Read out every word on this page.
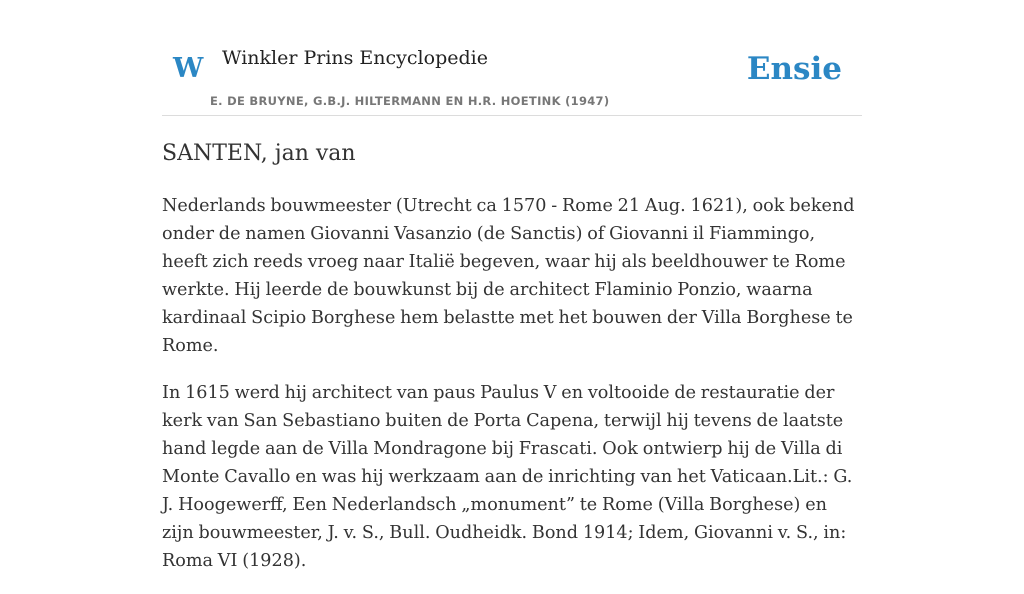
W Winkler Prins Encyclopedie
E. DE BRUYNE, G.B.J. HILTERMANN EN H.R. HOETINK (1947)
Ensie
SANTEN, jan van

Nederlands bouwmeester (Utrecht ca 1570 - Rome 21 Aug. 1621), ook bekend onder de namen Giovanni Vasanzio (de Sanctis) of Giovanni il Fiammingo, heeft zich reeds vroeg naar Italië begeven, waar hij als beeldhouwer te Rome werkte. Hij leerde de bouwkunst bij de architect Flaminio Ponzio, waarna kardinaal Scipio Borghese hem belastte met het bouwen der Villa Borghese te Rome.

In 1615 werd hij architect van paus Paulus V en voltooide de restauratie der kerk van San Sebastiano buiten de Porta Capena, terwijl hij tevens de laatste hand legde aan de Villa Mondragone bij Frascati. Ook ontwierp hij de Villa di Monte Cavallo en was hij werkzaam aan de inrichting van het Vaticaan.Lit.: G. J. Hoogewerff, Een Nederlandsch „monument” te Rome (Villa Borghese) en zijn bouwmeester, J. v. S., Bull. Oudheidk. Bond 1914; Idem, Giovanni v. S., in: Roma VI (1928).
